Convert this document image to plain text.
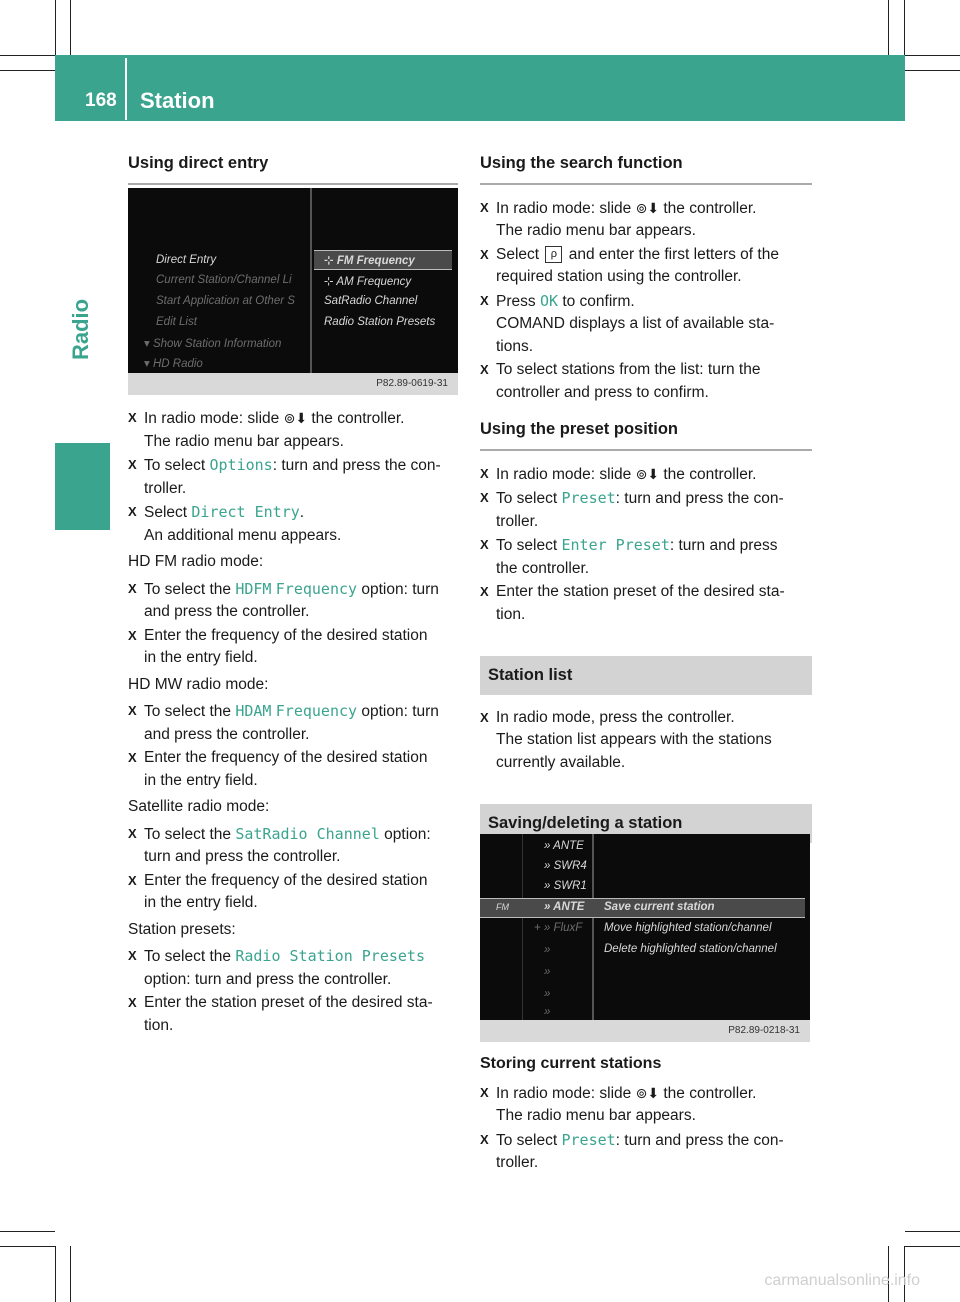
168 Station
Radio
Using direct entry
Direct Entry
Current Station/Channel Li
Start Application at Other S
Edit List
▾ Show Station Information
▾ HD Radio
⊹ FM Frequency
⊹ AM Frequency
SatRadio Channel
Radio Station Presets
P82.89-0619-31
X In radio mode: slide ⊚⬇ the controller.
The radio menu bar appears.
X To select Options: turn and press the con-
troller.
X Select Direct Entry.
An additional menu appears.
HD FM radio mode:
X To select the HDFM Frequency option: turn
and press the controller.
X Enter the frequency of the desired station
in the entry field.
HD MW radio mode:
X To select the HDAM Frequency option: turn
and press the controller.
X Enter the frequency of the desired station
in the entry field.
Satellite radio mode:
X To select the SatRadio Channel option:
turn and press the controller.
X Enter the frequency of the desired station
in the entry field.
Station presets:
X To select the Radio Station Presets
option: turn and press the controller.
X Enter the station preset of the desired sta-
tion.
Using the search function
X In radio mode: slide ⊚⬇ the controller.
The radio menu bar appears.
X Select ρ and enter the first letters of the
required station using the controller.
X Press OK to confirm.
COMAND displays a list of available sta-
tions.
X To select stations from the list: turn the
controller and press to confirm.
Using the preset position
X In radio mode: slide ⊚⬇ the controller.
X To select Preset: turn and press the con-
troller.
X To select Enter Preset: turn and press
the controller.
X Enter the station preset of the desired sta-
tion.
Station list
X In radio mode, press the controller.
The station list appears with the stations
currently available.
Saving/deleting a station
» ANTE
» SWR4
» SWR1
FM	» ANTE
+ » FluxF
»
»
»
»
Save current station
Move highlighted station/channel
Delete highlighted station/channel
P82.89-0218-31
Storing current stations
X In radio mode: slide ⊚⬇ the controller.
The radio menu bar appears.
X To select Preset: turn and press the con-
troller.
carmanualsonline.info
